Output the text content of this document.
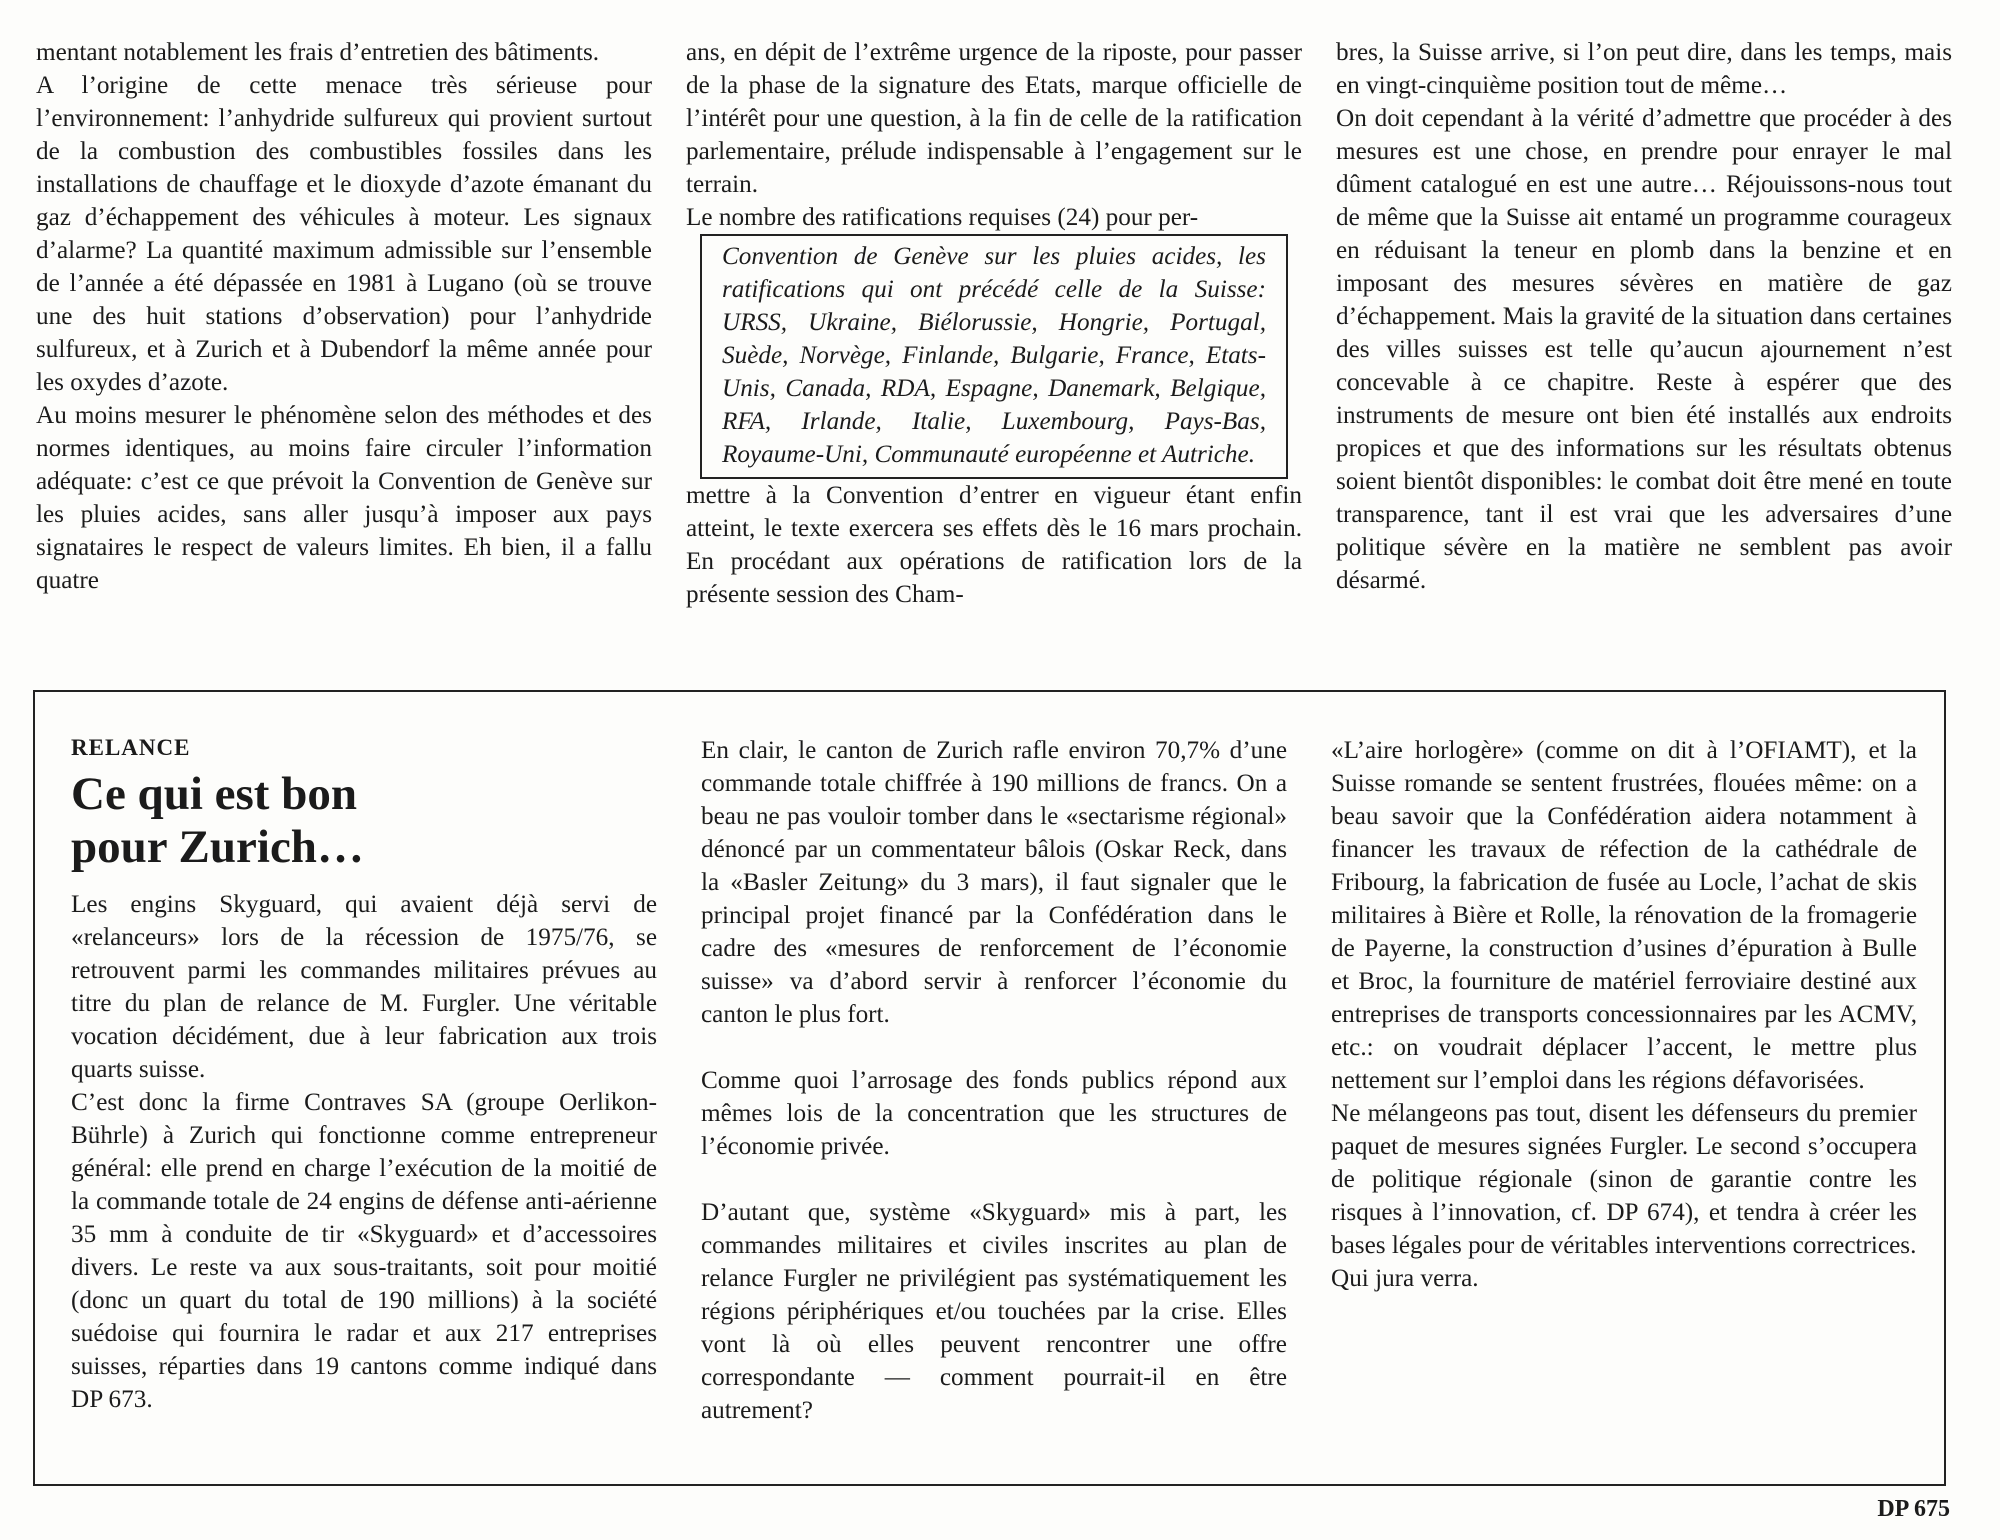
mentant notablement les frais d’entretien des bâtiments.

A l’origine de cette menace très sérieuse pour l’environnement: l’anhydride sulfureux qui provient surtout de la combustion des combustibles fossiles dans les installations de chauffage et le dioxyde d’azote émanant du gaz d’échappement des véhicules à moteur. Les signaux d’alarme? La quantité maximum admissible sur l’ensemble de l’année a été dépassée en 1981 à Lugano (où se trouve une des huit stations d’observation) pour l’anhydride sulfureux, et à Zurich et à Dubendorf la même année pour les oxydes d’azote.

Au moins mesurer le phénomène selon des méthodes et des normes identiques, au moins faire circuler l’information adéquate: c’est ce que prévoit la Convention de Genève sur les pluies acides, sans aller jusqu’à imposer aux pays signataires le respect de valeurs limites. Eh bien, il a fallu quatre

ans, en dépit de l’extrême urgence de la riposte, pour passer de la phase de la signature des Etats, marque officielle de l’intérêt pour une question, à la fin de celle de la ratification parlementaire, prélude indispensable à l’engagement sur le terrain.

Le nombre des ratifications requises (24) pour per-

Convention de Genève sur les pluies acides, les ratifications qui ont précédé celle de la Suisse: URSS, Ukraine, Biélorussie, Hongrie, Portugal, Suède, Norvège, Finlande, Bulgarie, France, Etats-Unis, Canada, RDA, Espagne, Danemark, Belgique, RFA, Irlande, Italie, Luxembourg, Pays-Bas, Royaume-Uni, Communauté européenne et Autriche.

mettre à la Convention d’entrer en vigueur étant enfin atteint, le texte exercera ses effets dès le 16 mars prochain. En procédant aux opérations de ratification lors de la présente session des Cham-

bres, la Suisse arrive, si l’on peut dire, dans les temps, mais en vingt-cinquième position tout de même…

On doit cependant à la vérité d’admettre que procéder à des mesures est une chose, en prendre pour enrayer le mal dûment catalogué en est une autre… Réjouissons-nous tout de même que la Suisse ait entamé un programme courageux en réduisant la teneur en plomb dans la benzine et en imposant des mesures sévères en matière de gaz d’échappement. Mais la gravité de la situation dans certaines des villes suisses est telle qu’aucun ajournement n’est concevable à ce chapitre. Reste à espérer que des instruments de mesure ont bien été installés aux endroits propices et que des informations sur les résultats obtenus soient bientôt disponibles: le combat doit être mené en toute transparence, tant il est vrai que les adversaires d’une politique sévère en la matière ne semblent pas avoir désarmé.

RELANCE
Ce qui est bon
pour Zurich…

Les engins Skyguard, qui avaient déjà servi de «relanceurs» lors de la récession de 1975/76, se retrouvent parmi les commandes militaires prévues au titre du plan de relance de M. Furgler. Une véritable vocation décidément, due à leur fabrication aux trois quarts suisse.

C’est donc la firme Contraves SA (groupe Oerlikon-Bührle) à Zurich qui fonctionne comme entrepreneur général: elle prend en charge l’exécution de la moitié de la commande totale de 24 engins de défense anti-aérienne 35 mm à conduite de tir «Skyguard» et d’accessoires divers. Le reste va aux sous-traitants, soit pour moitié (donc un quart du total de 190 millions) à la société suédoise qui fournira le radar et aux 217 entreprises suisses, réparties dans 19 cantons comme indiqué dans DP 673.

En clair, le canton de Zurich rafle environ 70,7% d’une commande totale chiffrée à 190 millions de francs. On a beau ne pas vouloir tomber dans le «sectarisme régional» dénoncé par un commentateur bâlois (Oskar Reck, dans la «Basler Zeitung» du 3 mars), il faut signaler que le principal projet financé par la Confédération dans le cadre des «mesures de renforcement de l’économie suisse» va d’abord servir à renforcer l’économie du canton le plus fort.

Comme quoi l’arrosage des fonds publics répond aux mêmes lois de la concentration que les structures de l’économie privée.

D’autant que, système «Skyguard» mis à part, les commandes militaires et civiles inscrites au plan de relance Furgler ne privilégient pas systématiquement les régions périphériques et/ou touchées par la crise. Elles vont là où elles peuvent rencontrer une offre correspondante — comment pourrait-il en être autrement?

«L’aire horlogère» (comme on dit à l’OFIAMT), et la Suisse romande se sentent frustrées, flouées même: on a beau savoir que la Confédération aidera notamment à financer les travaux de réfection de la cathédrale de Fribourg, la fabrication de fusée au Locle, l’achat de skis militaires à Bière et Rolle, la rénovation de la fromagerie de Payerne, la construction d’usines d’épuration à Bulle et Broc, la fourniture de matériel ferroviaire destiné aux entreprises de transports concessionnaires par les ACMV, etc.: on voudrait déplacer l’accent, le mettre plus nettement sur l’emploi dans les régions défavorisées.

Ne mélangeons pas tout, disent les défenseurs du premier paquet de mesures signées Furgler. Le second s’occupera de politique régionale (sinon de garantie contre les risques à l’innovation, cf. DP 674), et tendra à créer les bases légales pour de véritables interventions correctrices.

Qui jura verra.

DP 675
